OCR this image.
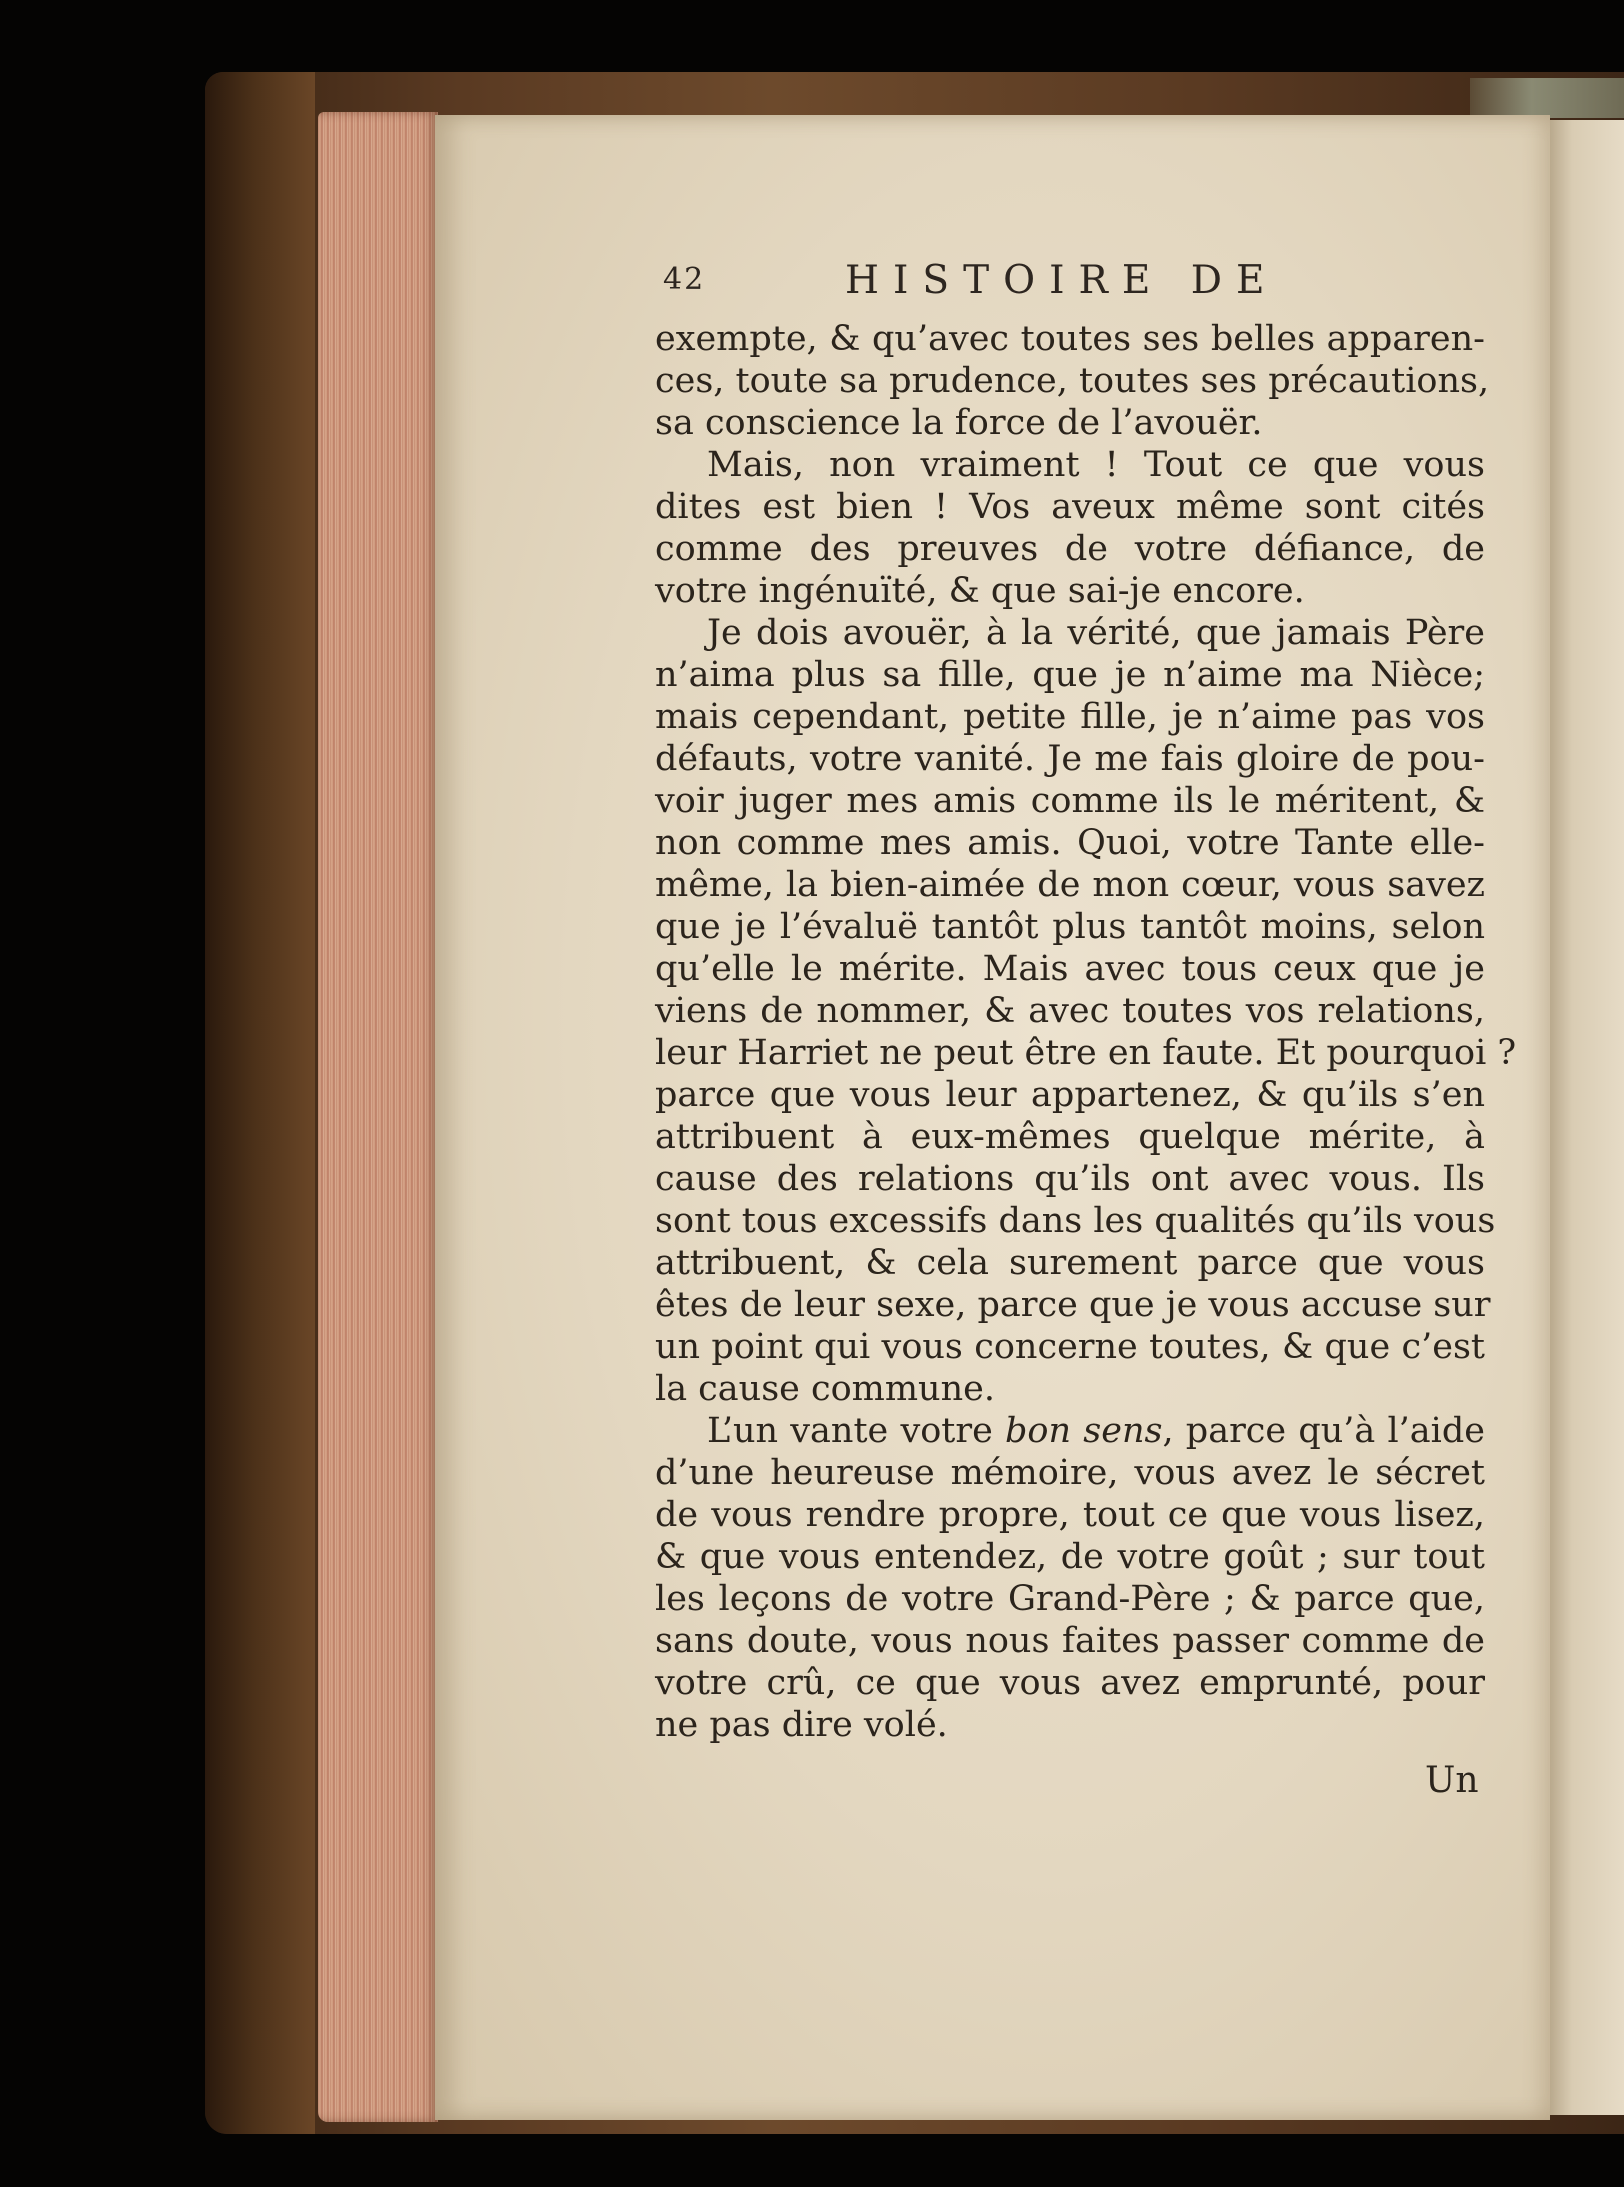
42	HISTOIRE DE
exempte, & qu’avec toutes ses belles apparen-
ces, toute sa prudence, toutes ses précautions,
sa conscience la force de l’avouër.
Mais, non vraiment ! Tout ce que vous
dites est bien ! Vos aveux même sont cités
comme des preuves de votre défiance, de
votre ingénuïté, & que sai-je encore.
Je dois avouër, à la vérité, que jamais Père
n’aima plus sa fille, que je n’aime ma Nièce;
mais cependant, petite fille, je n’aime pas vos
défauts, votre vanité. Je me fais gloire de pou-
voir juger mes amis comme ils le méritent, &
non comme mes amis. Quoi, votre Tante elle-
même, la bien-aimée de mon cœur, vous savez
que je l’évaluë tantôt plus tantôt moins, selon
qu’elle le mérite. Mais avec tous ceux que je
viens de nommer, & avec toutes vos relations,
leur Harriet ne peut être en faute. Et pourquoi ?
parce que vous leur appartenez, & qu’ils s’en
attribuent à eux-mêmes quelque mérite, à
cause des relations qu’ils ont avec vous. Ils
sont tous excessifs dans les qualités qu’ils vous
attribuent, & cela surement parce que vous
êtes de leur sexe, parce que je vous accuse sur
un point qui vous concerne toutes, & que c’est
la cause commune.
L’un vante votre bon sens, parce qu’à l’aide
d’une heureuse mémoire, vous avez le sécret
de vous rendre propre, tout ce que vous lisez,
& que vous entendez, de votre goût ; sur tout
les leçons de votre Grand-Père ; & parce que,
sans doute, vous nous faites passer comme de
votre crû, ce que vous avez emprunté, pour
ne pas dire volé.
Un
